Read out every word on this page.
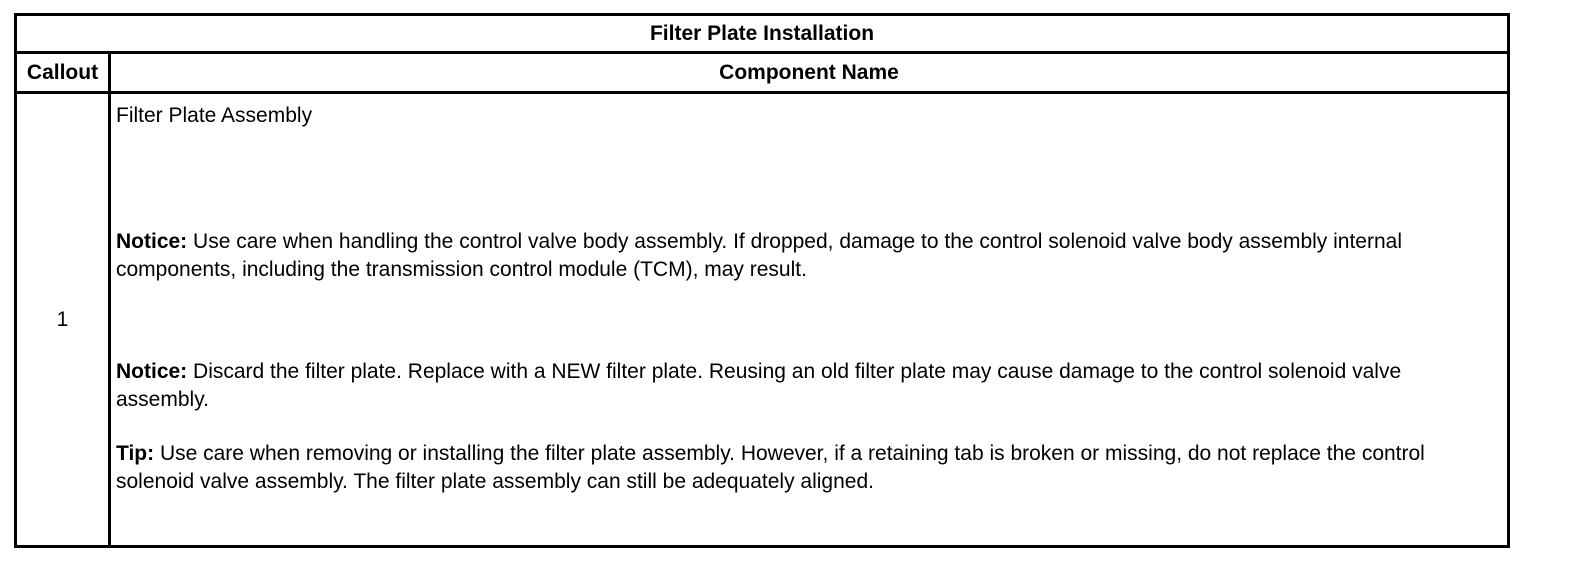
Filter Plate Installation
Callout	Component Name
1

Filter Plate Assembly

Notice: Use care when handling the control valve body assembly. If dropped, damage to the control solenoid valve body assembly internal components, including the transmission control module (TCM), may result.

Notice: Discard the filter plate. Replace with a NEW filter plate. Reusing an old filter plate may cause damage to the control solenoid valve assembly.

Tip: Use care when removing or installing the filter plate assembly. However, if a retaining tab is broken or missing, do not replace the control solenoid valve assembly. The filter plate assembly can still be adequately aligned.
